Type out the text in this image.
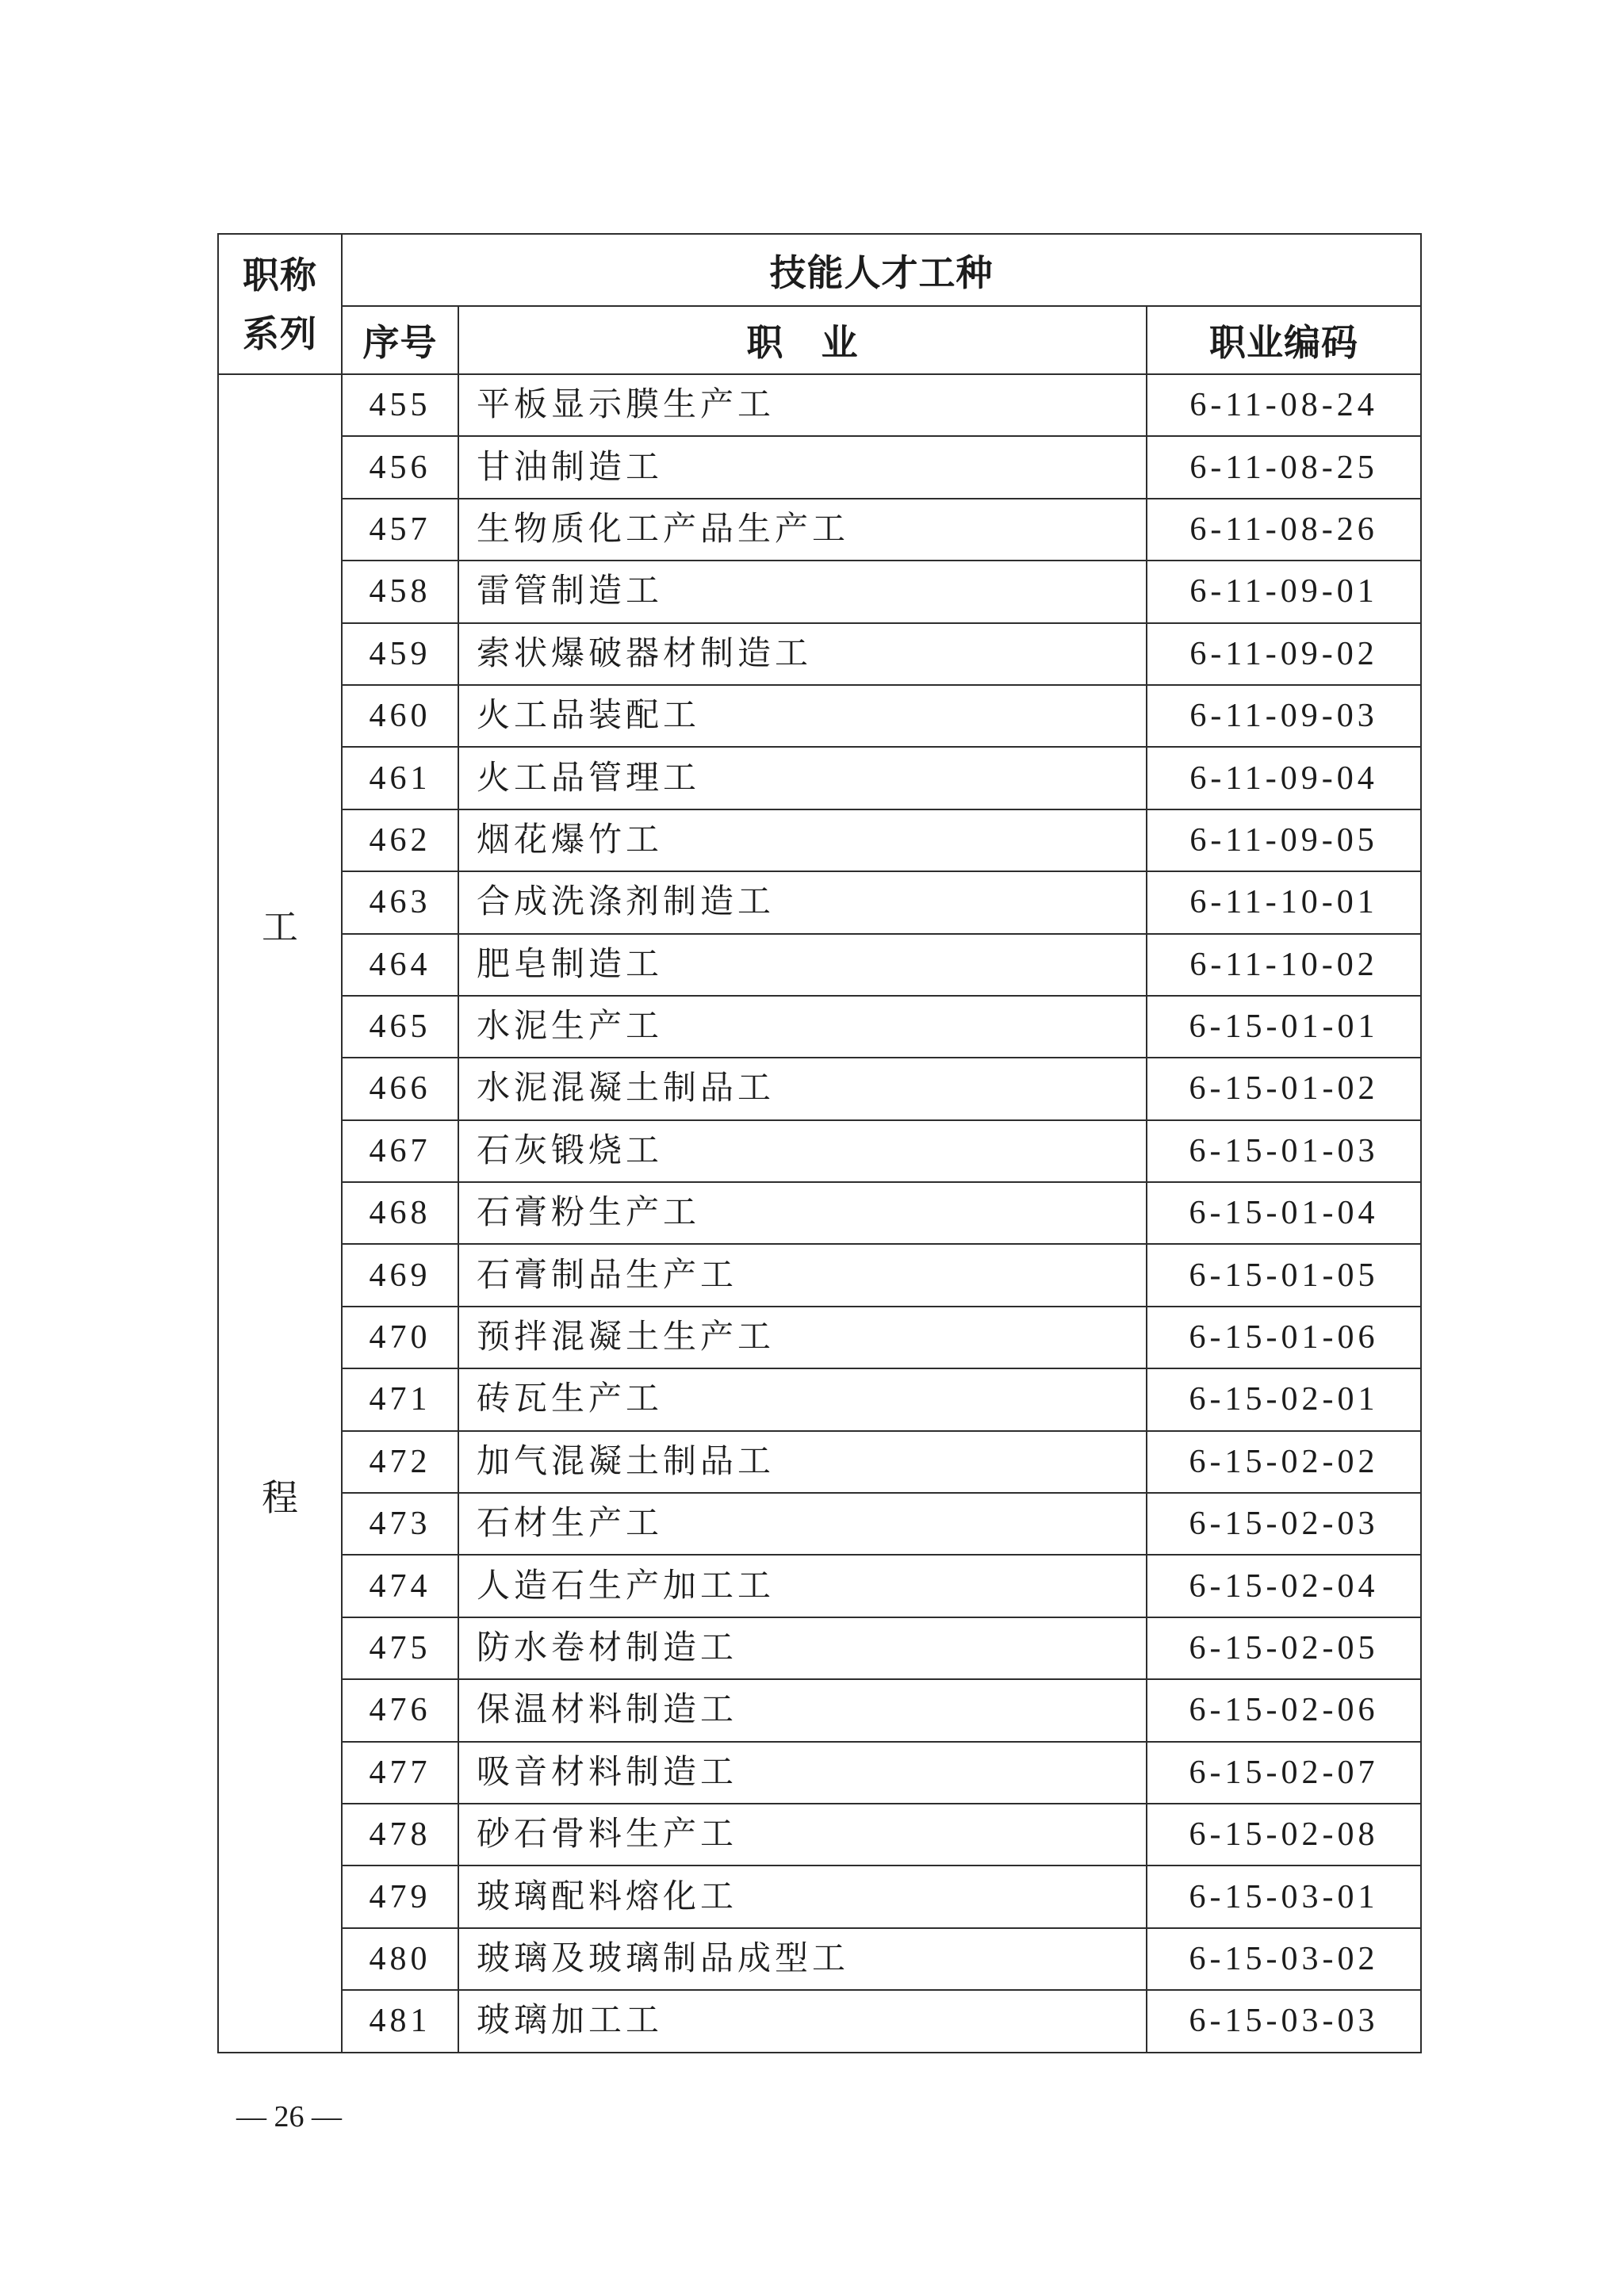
职称
系列	技能人才工种		
	序号	职　业	职业编码

工
程	455	平板显示膜生产工	6-11-08-24
	456	甘油制造工	6-11-08-25
	457	生物质化工产品生产工	6-11-08-26
	458	雷管制造工	6-11-09-01
	459	索状爆破器材制造工	6-11-09-02
	460	火工品装配工	6-11-09-03
	461	火工品管理工	6-11-09-04
	462	烟花爆竹工	6-11-09-05
	463	合成洗涤剂制造工	6-11-10-01
	464	肥皂制造工	6-11-10-02
	465	水泥生产工	6-15-01-01
	466	水泥混凝土制品工	6-15-01-02
	467	石灰锻烧工	6-15-01-03
	468	石膏粉生产工	6-15-01-04
	469	石膏制品生产工	6-15-01-05
	470	预拌混凝土生产工	6-15-01-06
	471	砖瓦生产工	6-15-02-01
	472	加气混凝土制品工	6-15-02-02
	473	石材生产工	6-15-02-03
	474	人造石生产加工工	6-15-02-04
	475	防水卷材制造工	6-15-02-05
	476	保温材料制造工	6-15-02-06
	477	吸音材料制造工	6-15-02-07
	478	砂石骨料生产工	6-15-02-08
	479	玻璃配料熔化工	6-15-03-01
	480	玻璃及玻璃制品成型工	6-15-03-02
	481	玻璃加工工	6-15-03-03
— 26 —
